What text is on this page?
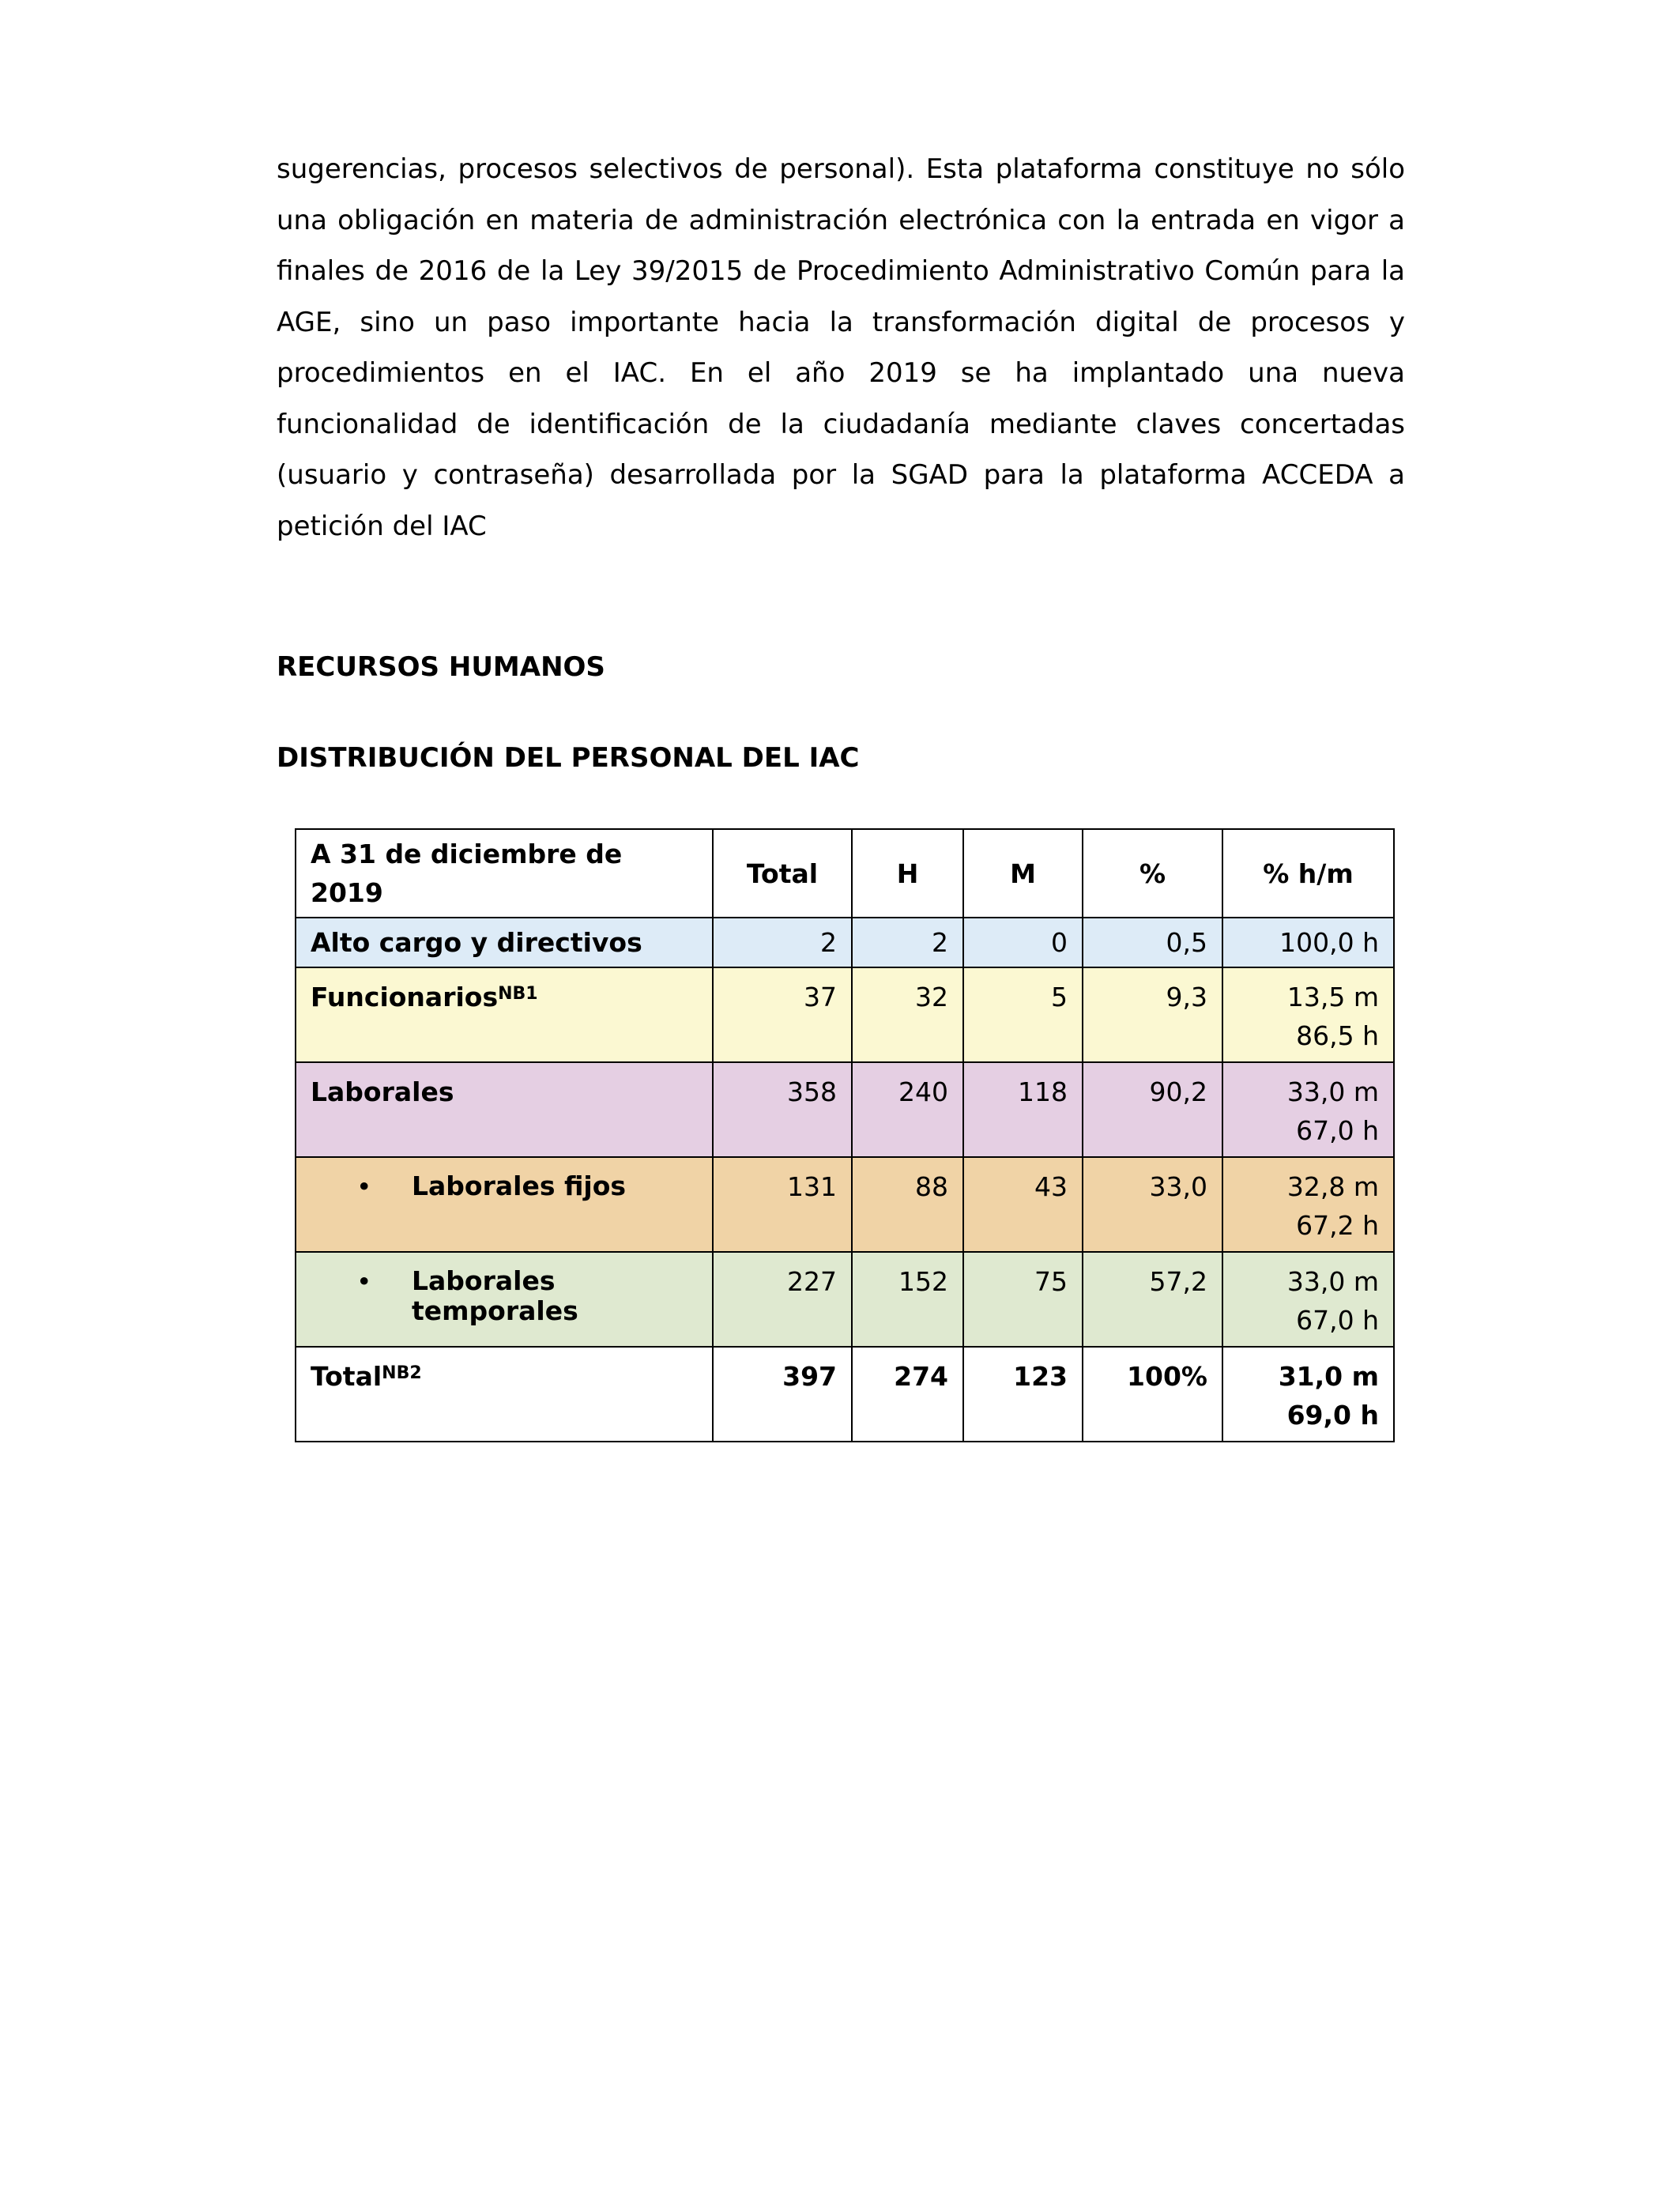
sugerencias, procesos selectivos de personal). Esta plataforma constituye no sólo una obligación en materia de administración electrónica con la entrada en vigor a finales de 2016 de la Ley 39/2015 de Procedimiento Administrativo Común para la AGE, sino un paso importante hacia la transformación digital de procesos y procedimientos en el IAC. En el año 2019 se ha implantado una nueva funcionalidad de identificación de la ciudadanía mediante claves concertadas (usuario y contraseña) desarrollada por la SGAD para la plataforma ACCEDA a petición del IAC

RECURSOS HUMANOS
DISTRIBUCIÓN DEL PERSONAL DEL IAC
A 31 de diciembre de 2019	Total	H	M	%	% h/m
Alto cargo y directivos	2	2	0	0,5	100,0 h

Funcionarios$^{NB1}$	37	32	5	9,3	13,5 m
86,5 h

Laborales	358	240	118	90,2	33,0 m
67,0 h

• Laborales fijos	131	88	43	33,0	32,8 m
67,2 h

• Laborales
temporales	227	152	75	57,2	33,0 m
67,0 h

Total$^{NB2}$	397	274	123	100%	31,0 m
69,0 h
